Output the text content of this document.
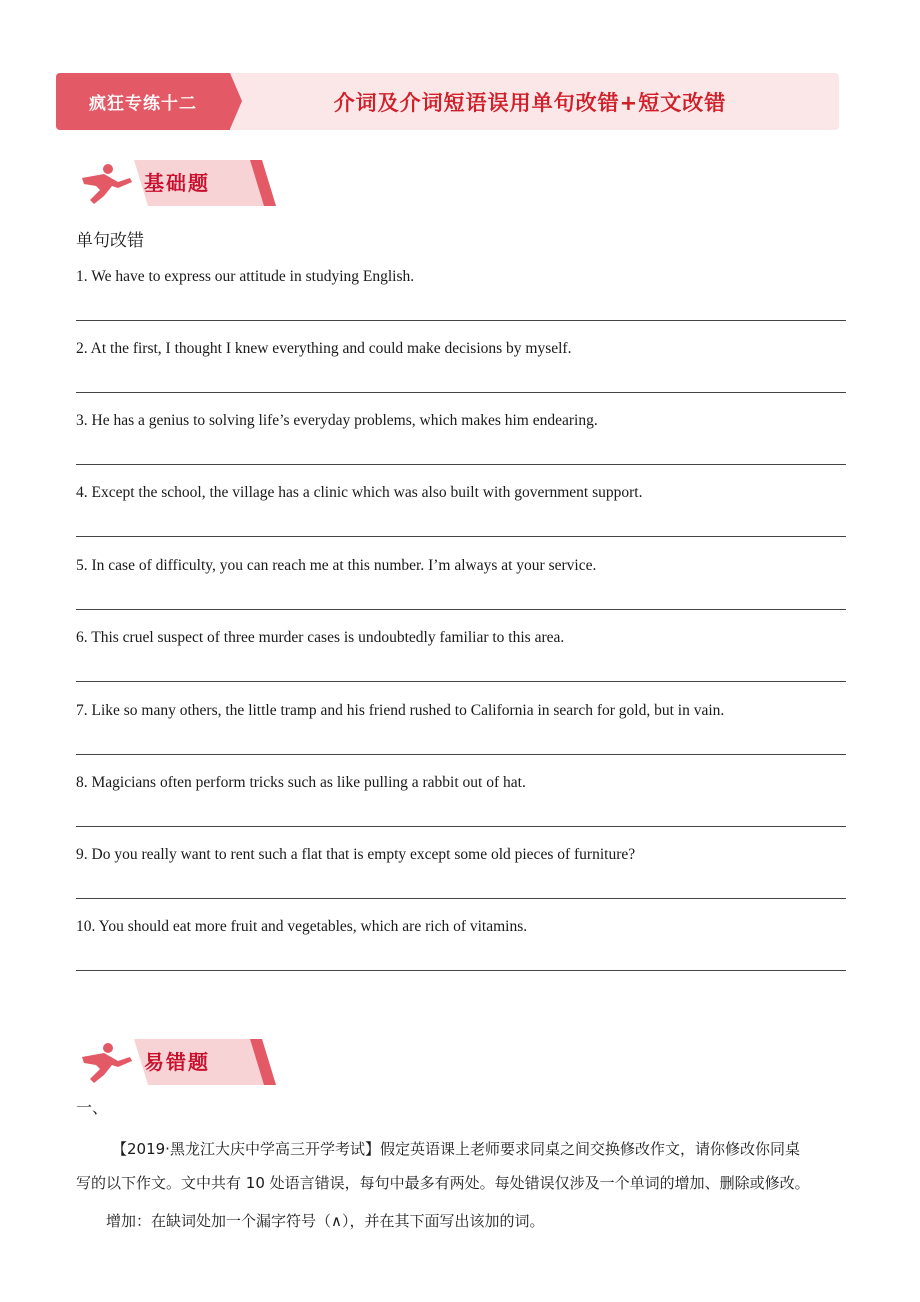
疯狂专练十二	介词及介词短语误用单句改错+短文改错
基础题
单句改错
1. We have to express our attitude in studying English.
2. At the first, I thought I knew everything and could make decisions by myself.
3. He has a genius to solving life’s everyday problems, which makes him endearing.
4. Except the school, the village has a clinic which was also built with government support.
5. In case of difficulty, you can reach me at this number. I’m always at your service.
6. This cruel suspect of three murder cases is undoubtedly familiar to this area.
7. Like so many others, the little tramp and his friend rushed to California in search for gold, but in vain.
8. Magicians often perform tricks such as like pulling a rabbit out of hat.
9. Do you really want to rent such a flat that is empty except some old pieces of furniture?
10. You should eat more fruit and vegetables, which are rich of vitamins.
易错题
一、
【2019·黑龙江大庆中学高三开学考试】假定英语课上老师要求同桌之间交换修改作文，请你修改你同桌
写的以下作文。文中共有 10 处语言错误，每句中最多有两处。每处错误仅涉及一个单词的增加、删除或修改。
增加：在缺词处加一个漏字符号（∧），并在其下面写出该加的词。
